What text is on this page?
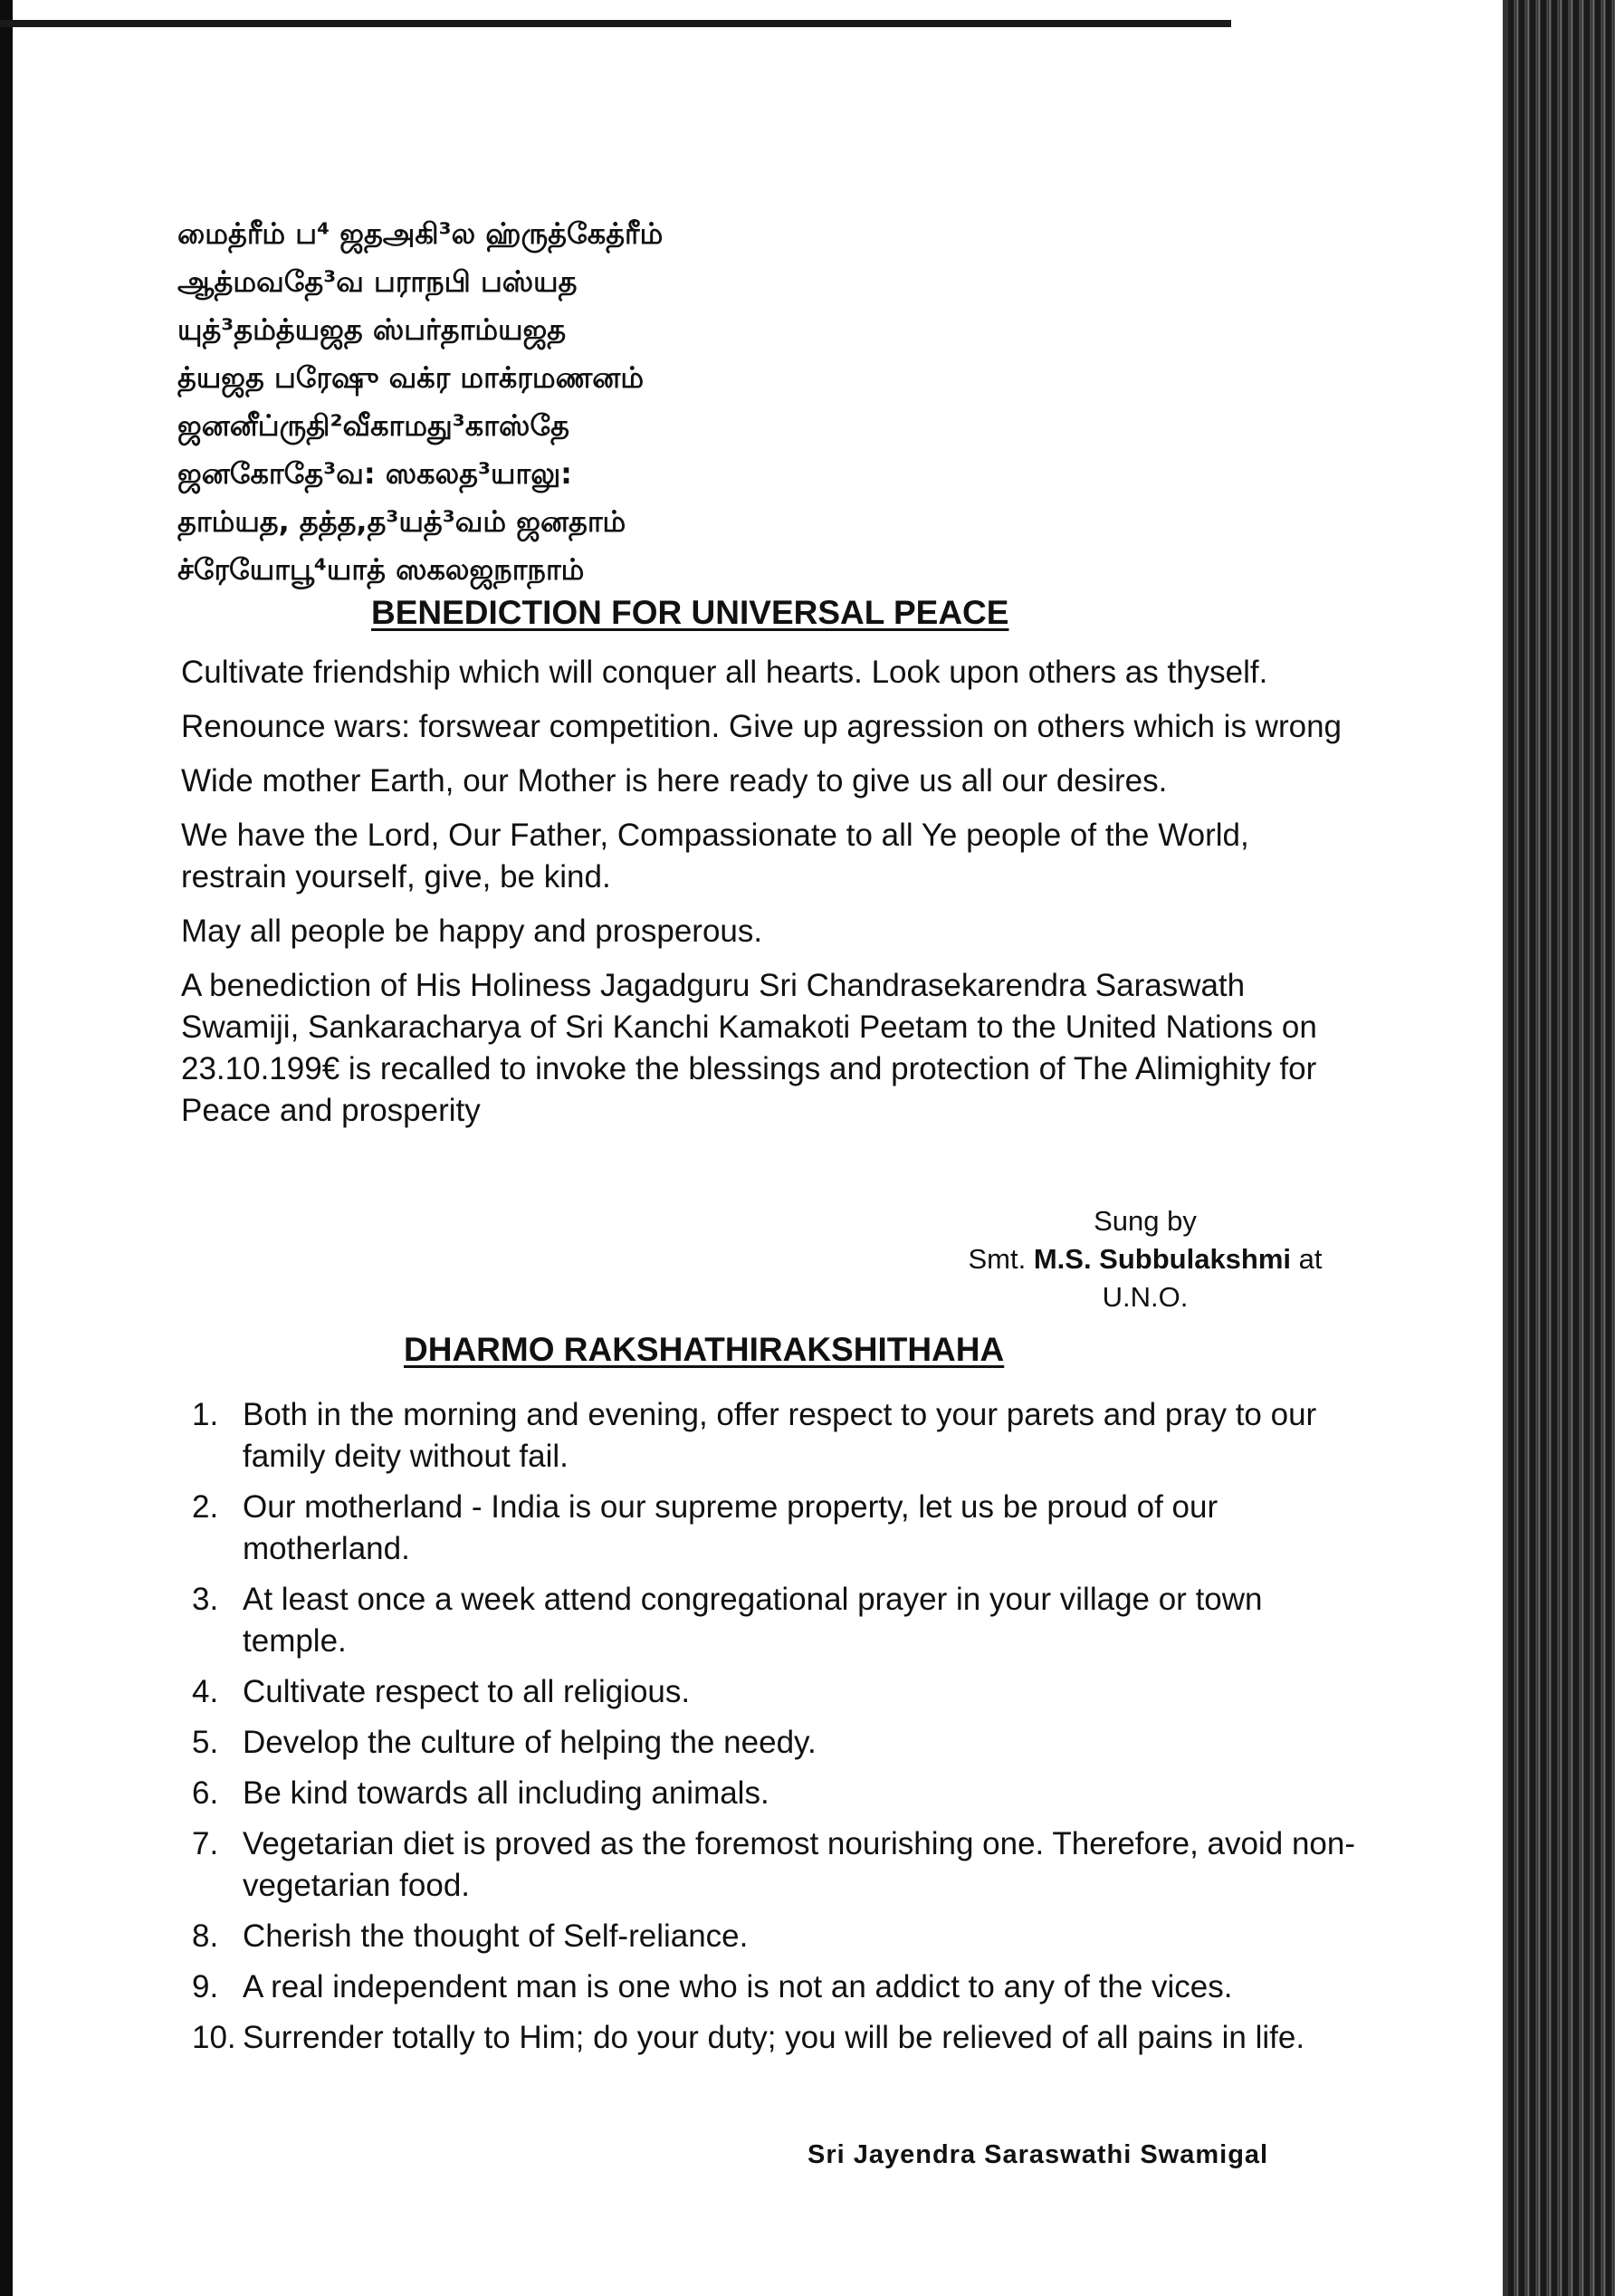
மைத்ரீம் ப⁴ ஜதஅகி³ல ஹ்ருத்கேத்ரீம்
ஆத்மவதே³வ பராநபி பஸ்யத
யுத்³தம்த்யஜத ஸ்பர்தாம்யஜத
த்யஜத பரேஷு வக்ர மாக்ரமணனம்
ஜனனீப்ருதி²வீகாமது³காஸ்தே
ஜனகோதே³வ: ஸகலத³யாலு:
தாம்யத, தத்த,த³யத்³வம் ஜனதாம்
ச்ரேயோபூ⁴யாத் ஸகலஜநாநாம்
BENEDICTION FOR UNIVERSAL PEACE

Cultivate friendship which will conquer all hearts. Look upon others as thyself.

Renounce wars: forswear competition. Give up agression on others which is wrong

Wide mother Earth, our Mother is here ready to give us all our desires.

We have the Lord, Our Father, Compassionate to all Ye people of the World, restrain yourself, give, be kind.

May all people be happy and prosperous.

A benediction of His Holiness Jagadguru Sri Chandrasekarendra Saraswath Swamiji, Sankaracharya of Sri Kanchi Kamakoti Peetam to the United Nations on 23.10.199€ is recalled to invoke the blessings and protection of The Alimighity for Peace and prosperity

Sung by
Smt. M.S. Subbulakshmi at
U.N.O.
DHARMO RAKSHATHIRAKSHITHAHA
1. Both in the morning and evening, offer respect to your parets and pray to our family deity without fail.
2. Our motherland - India is our supreme property, let us be proud of our motherland.
3. At least once a week attend congregational prayer in your village or town temple.
4. Cultivate respect to all religious.
5. Develop the culture of helping the needy.
6. Be kind towards all including animals.
7. Vegetarian diet is proved as the foremost nourishing one. Therefore, avoid non-vegetarian food.
8. Cherish the thought of Self-reliance.
9. A real independent man is one who is not an addict to any of the vices.
10. Surrender totally to Him; do your duty; you will be relieved of all pains in life.
Sri Jayendra Saraswathi Swamigal
